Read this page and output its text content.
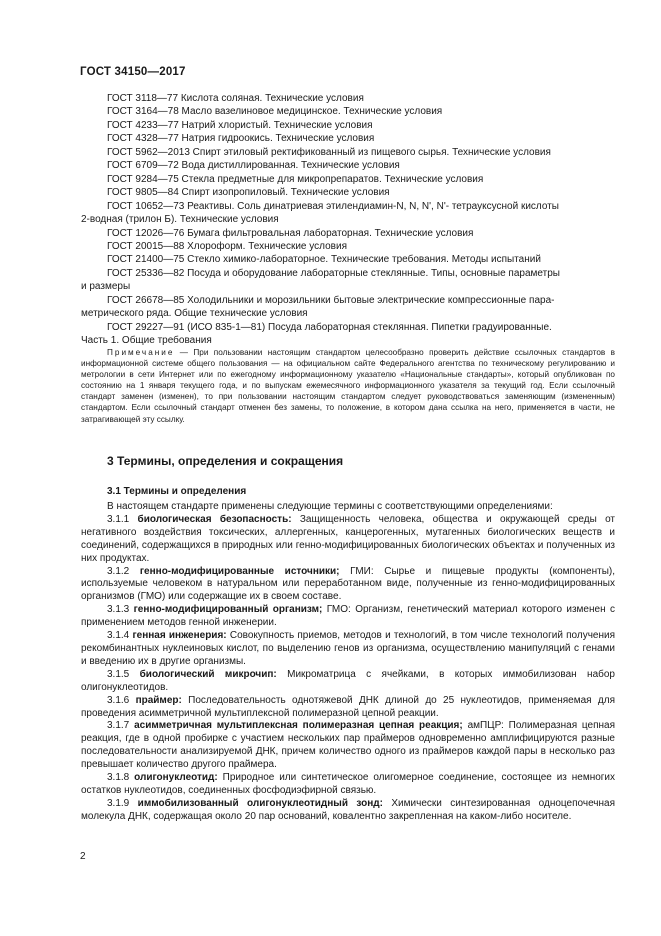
ГОСТ 34150—2017

ГОСТ 3118—77 Кислота соляная. Технические условия

ГОСТ 3164—78 Масло вазелиновое медицинское. Технические условия

ГОСТ 4233—77 Натрий хлористый. Технические условия

ГОСТ 4328—77 Натрия гидроокись. Технические условия

ГОСТ 5962—2013 Спирт этиловый ректификованный из пищевого сырья. Технические условия

ГОСТ 6709—72 Вода дистиллированная. Технические условия

ГОСТ 9284—75 Стекла предметные для микропрепаратов. Технические условия

ГОСТ 9805—84 Спирт изопропиловый. Технические условия

ГОСТ 10652—73 Реактивы. Соль динатриевая этилендиамин-N, N, N', N'- тетрауксусной кислоты

2-водная (трилон Б). Технические условия

ГОСТ 12026—76 Бумага фильтровальная лабораторная. Технические условия

ГОСТ 20015—88 Хлороформ. Технические условия

ГОСТ 21400—75 Стекло химико-лабораторное. Технические требования. Методы испытаний

ГОСТ 25336—82 Посуда и оборудование лабораторные стеклянные. Типы, основные параметры

и размеры

ГОСТ 26678—85 Холодильники и морозильники бытовые электрические компрессионные пара-

метрического ряда. Общие технические условия

ГОСТ 29227—91 (ИСО 835-1—81) Посуда лабораторная стеклянная. Пипетки градуированные.

Часть 1. Общие требования

Примечание — При пользовании настоящим стандартом целесообразно проверить действие ссылочных стандартов в информационной системе общего пользования — на официальном сайте Федерального агентства по техническому регулированию и метрологии в сети Интернет или по ежегодному информационному указателю «Национальные стандарты», который опубликован по состоянию на 1 января текущего года, и по выпускам ежемесячного информационного указателя за текущий год. Если ссылочный стандарт заменен (изменен), то при пользовании настоящим стандартом следует руководствоваться заменяющим (измененным) стандартом. Если ссылочный стандарт отменен без замены, то положение, в котором дана ссылка на него, применяется в части, не затрагивающей эту ссылку.

3 Термины, определения и сокращения
3.1 Термины и определения

В настоящем стандарте применены следующие термины с соответствующими определениями:

3.1.1 биологическая безопасность: Защищенность человека, общества и окружающей среды от негативного воздействия токсических, аллергенных, канцерогенных, мутагенных биологических веществ и соединений, содержащихся в природных или генно-модифицированных биологических объектах и полученных из них продуктах.

3.1.2 генно-модифицированные источники; ГМИ: Сырье и пищевые продукты (компоненты), используемые человеком в натуральном или переработанном виде, полученные из генно-модифицированных организмов (ГМО) или содержащие их в своем составе.

3.1.3 генно-модифицированный организм; ГМО: Организм, генетический материал которого изменен с применением методов генной инженерии.

3.1.4 генная инженерия: Совокупность приемов, методов и технологий, в том числе технологий получения рекомбинантных нуклеиновых кислот, по выделению генов из организма, осуществлению манипуляций с генами и введению их в другие организмы.

3.1.5 биологический микрочип: Микроматрица с ячейками, в которых иммобилизован набор олигонуклеотидов.

3.1.6 праймер: Последовательность однотяжевой ДНК длиной до 25 нуклеотидов, применяемая для проведения асимметричной мультиплексной полимеразной цепной реакции.

3.1.7 асимметричная мультиплексная полимеразная цепная реакция; амПЦР: Полимеразная цепная реакция, где в одной пробирке с участием нескольких пар праймеров одновременно амплифицируются разные последовательности анализируемой ДНК, причем количество одного из праймеров каждой пары в несколько раз превышает количество другого праймера.

3.1.8 олигонуклеотид: Природное или синтетическое олигомерное соединение, состоящее из немногих остатков нуклеотидов, соединенных фосфодиэфирной связью.

3.1.9 иммобилизованный олигонуклеотидный зонд: Химически синтезированная одноцепочечная молекула ДНК, содержащая около 20 пар оснований, ковалентно закрепленная на каком-либо носителе.

2
